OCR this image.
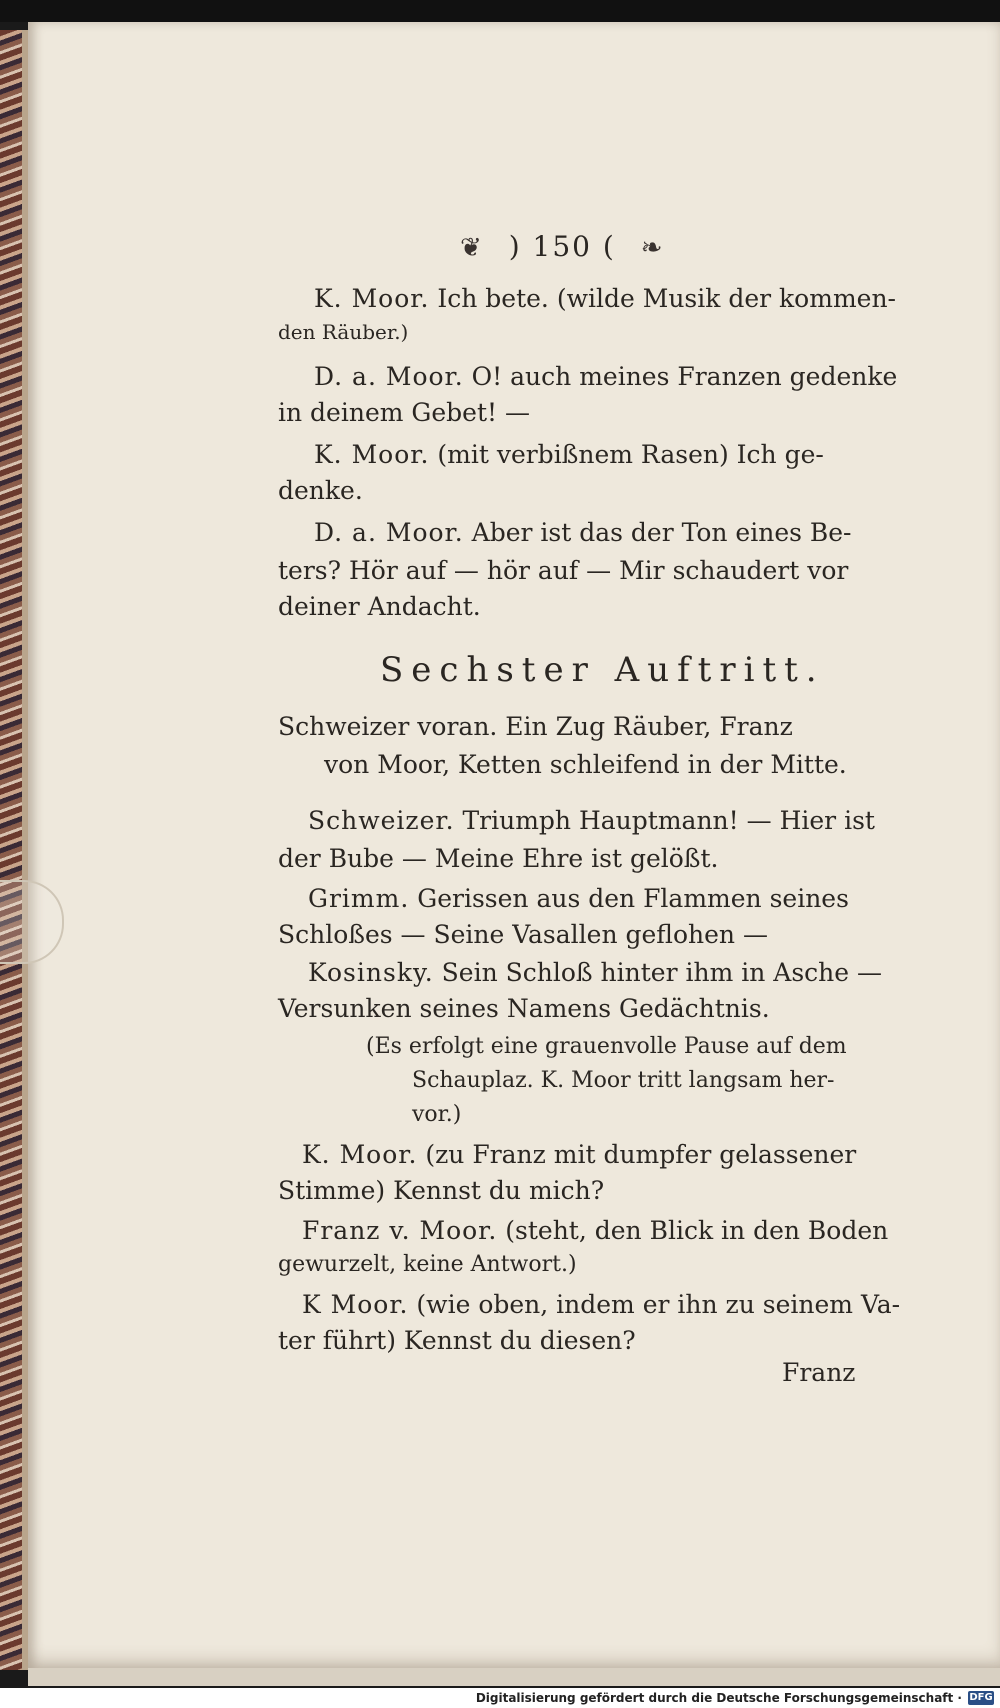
❦ ) 150 ( ❧
K. Moor. Ich bete. (wilde Musik der kommen-
den Räuber.)
D. a. Moor. O! auch meines Franzen gedenke
in deinem Gebet! —
K. Moor. (mit verbißnem Rasen) Ich ge-
denke.
D. a. Moor. Aber ist das der Ton eines Be-
ters? Hör auf — hör auf — Mir schaudert vor
deiner Andacht.
Sechster Auftritt.
Schweizer voran. Ein Zug Räuber, Franz
von Moor, Ketten schleifend in der Mitte.
Schweizer. Triumph Hauptmann! — Hier ist
der Bube — Meine Ehre ist gelößt.
Grimm. Gerissen aus den Flammen seines
Schloßes — Seine Vasallen geflohen —
Kosinsky. Sein Schloß hinter ihm in Asche —
Versunken seines Namens Gedächtnis.
(Es erfolgt eine grauenvolle Pause auf dem
Schauplaz. K. Moor tritt langsam her-
vor.)
K. Moor. (zu Franz mit dumpfer gelassener
Stimme) Kennst du mich?
Franz v. Moor. (steht, den Blick in den Boden
gewurzelt, keine Antwort.)
K Moor. (wie oben, indem er ihn zu seinem Va-
ter führt) Kennst du diesen?
Franz
Digitalisierung gefördert durch die Deutsche Forschungsgemeinschaft · DFG
